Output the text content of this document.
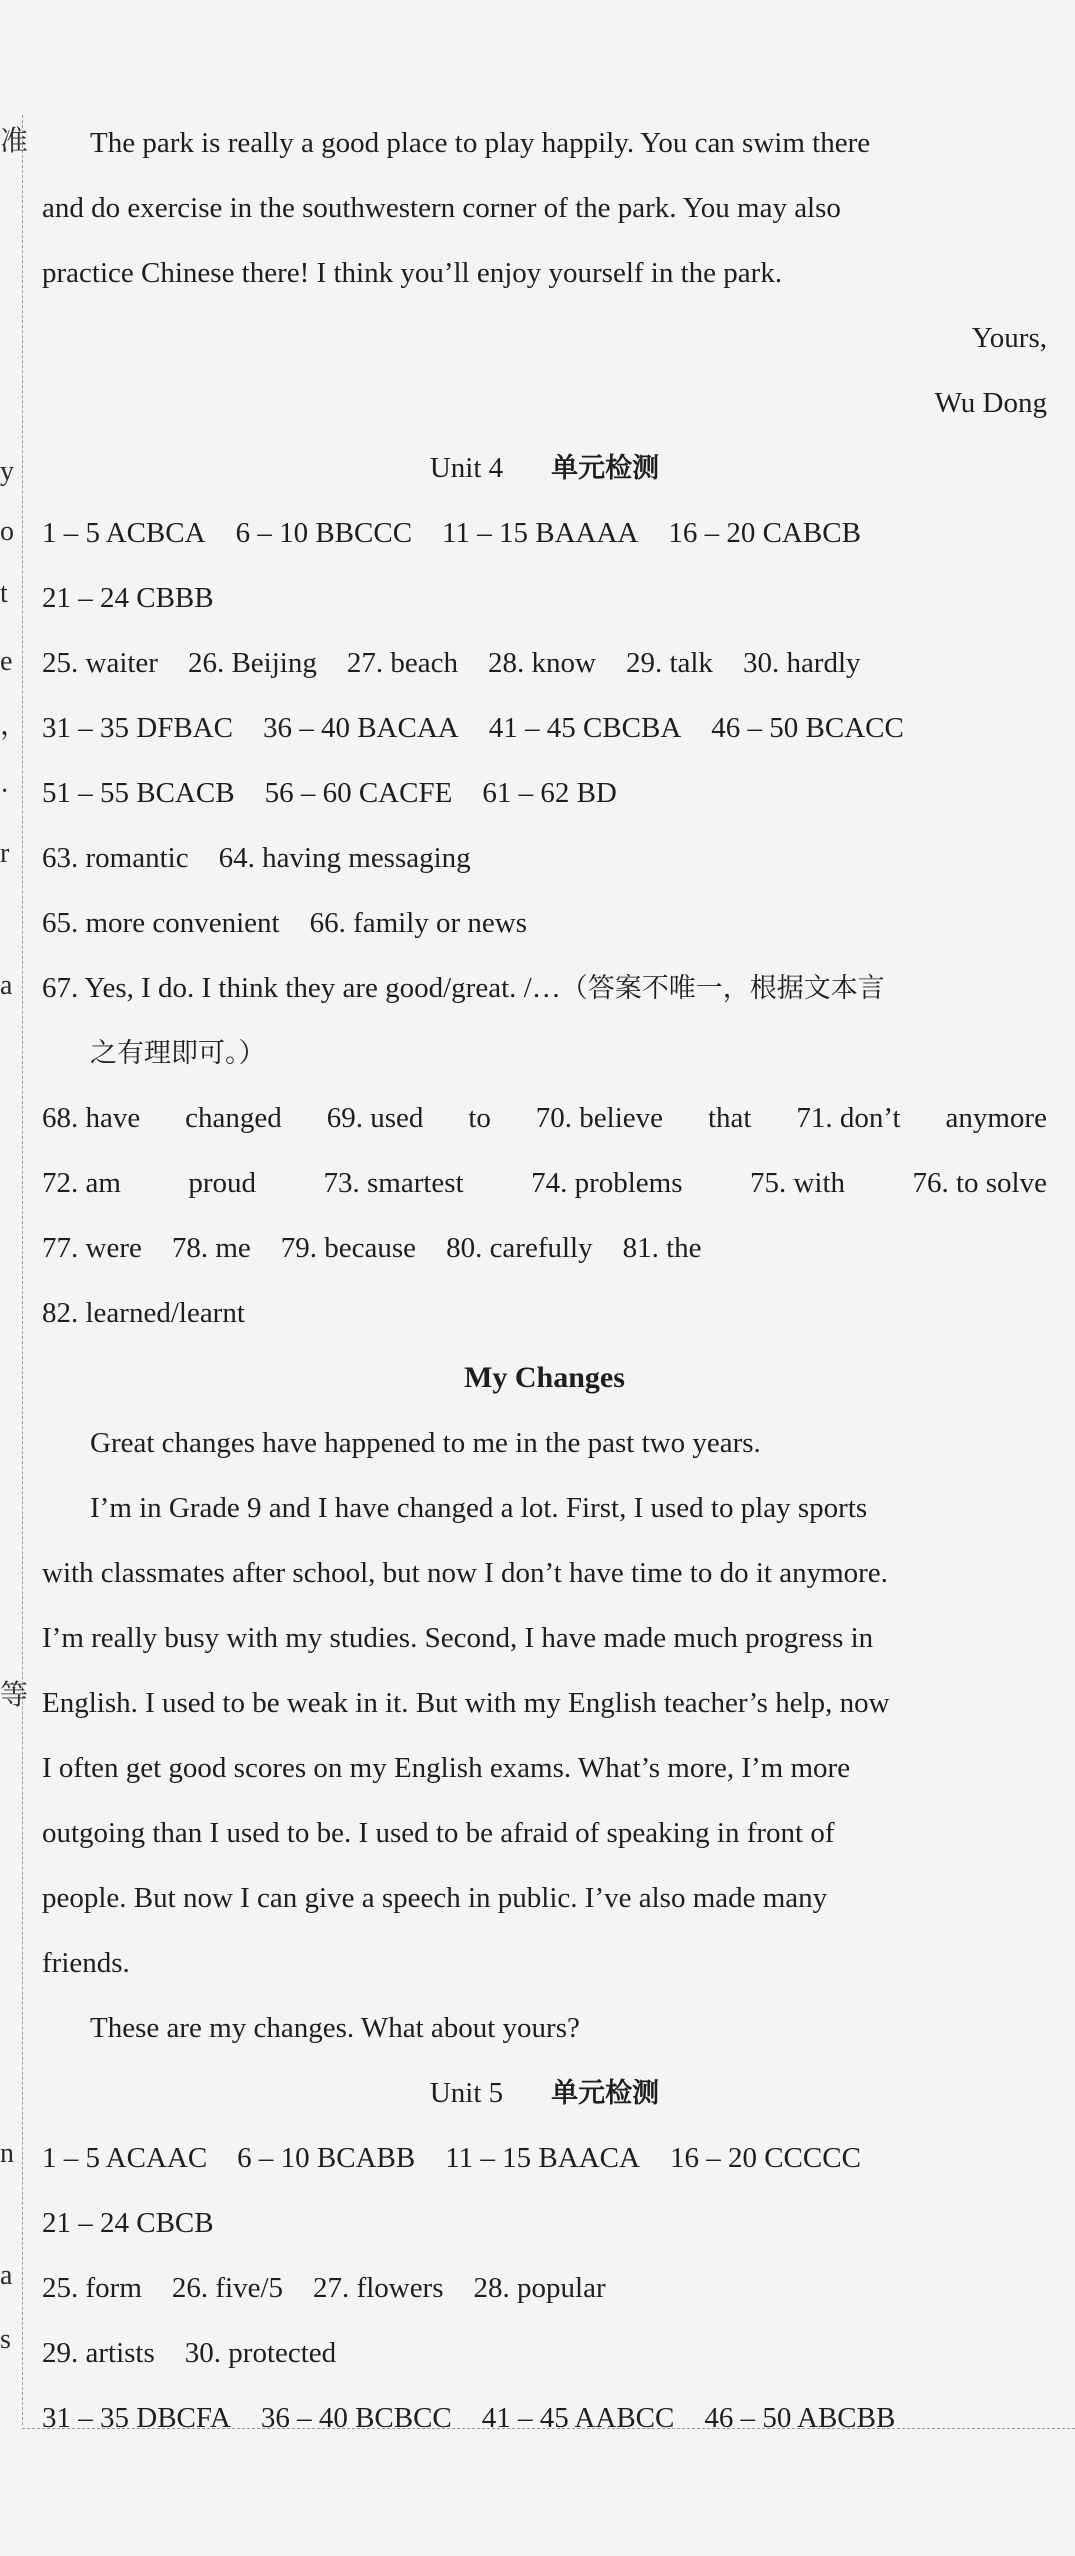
准
y
o
t
e
，
·
r
a
等
n
a
s
The park is really a good place to play happily. You can swim there
and do exercise in the southwestern corner of the park. You may also
practice Chinese there! I think you’ll enjoy yourself in the park.
Yours,
Wu Dong
Unit 4 单元检测
1 – 5 ACBCA 6 – 10 BBCCC 11 – 15 BAAAA 16 – 20 CABCB
21 – 24 CBBB
25. waiter 26. Beijing 27. beach 28. know 29. talk 30. hardly
31 – 35 DFBAC 36 – 40 BACAA 41 – 45 CBCBA 46 – 50 BCACC
51 – 55 BCACB 56 – 60 CACFE 61 – 62 BD
63. romantic 64. having messaging
65. more convenient 66. family or news
67. Yes, I do. I think they are good/great. /…（答案不唯一，根据文本言
之有理即可。）
68. have changed 69. used to 70. believe that 71. don’t anymore
72. am proud 73. smartest 74. problems 75. with 76. to solve
77. were 78. me 79. because 80. carefully 81. the
82. learned/learnt
My Changes
Great changes have happened to me in the past two years.
I’m in Grade 9 and I have changed a lot. First, I used to play sports
with classmates after school, but now I don’t have time to do it anymore.
I’m really busy with my studies. Second, I have made much progress in
English. I used to be weak in it. But with my English teacher’s help, now
I often get good scores on my English exams. What’s more, I’m more
outgoing than I used to be. I used to be afraid of speaking in front of
people. But now I can give a speech in public. I’ve also made many
friends.
These are my changes. What about yours?
Unit 5 单元检测
1 – 5 ACAAC 6 – 10 BCABB 11 – 15 BAACA 16 – 20 CCCCC
21 – 24 CBCB
25. form 26. five/5 27. flowers 28. popular
29. artists 30. protected
31 – 35 DBCFA 36 – 40 BCBCC 41 – 45 AABCC 46 – 50 ABCBB
